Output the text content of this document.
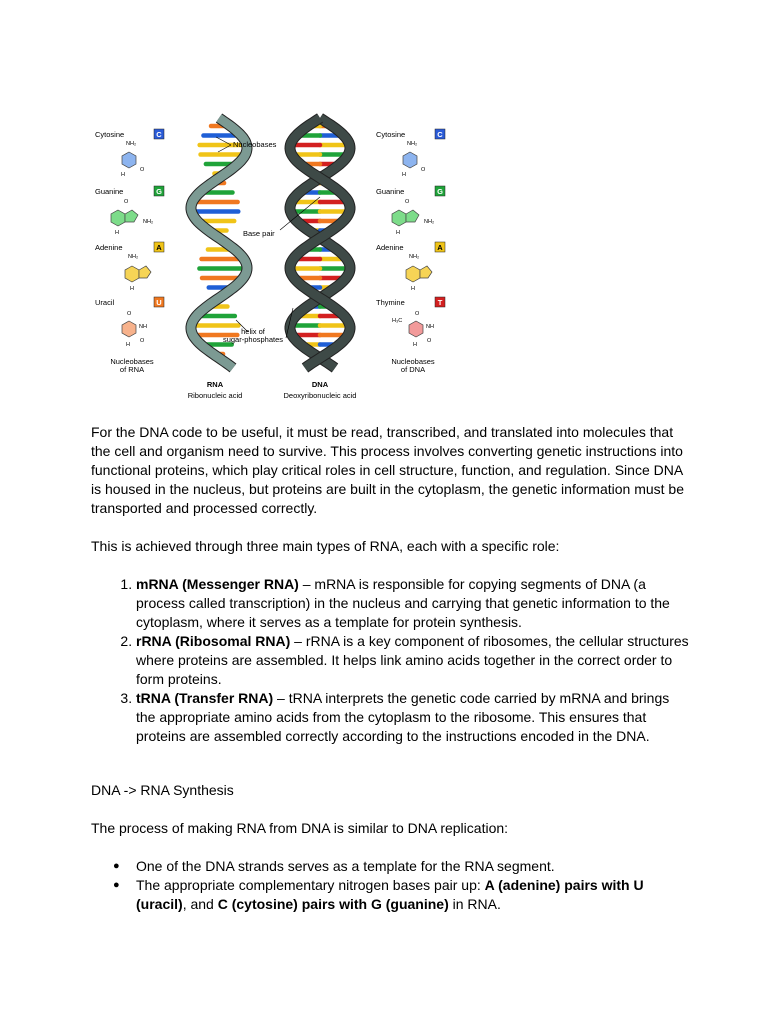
Cytosine	C
Guanine	G
Adenine	A
Uracil	U
NH₂
O
H
O
NH₂
H
NH₂
H
O
NH
O
H
Nucleobases
of RNA
Cytosine	C
Guanine	G
Adenine	A
Thymine	T
NH₂
O
H
O
NH₂
H
NH₂
H
H₃C
O
NH
O
H
Nucleobases
of DNA
Nucleobases
Base pair
helix of
sugar-phosphates
RNA
Ribonucleic acid
DNA
Deoxyribonucleic acid

For the DNA code to be useful, it must be read, transcribed, and translated into molecules that the cell and organism need to survive. This process involves converting genetic instructions into functional proteins, which play critical roles in cell structure, function, and regulation. Since DNA is housed in the nucleus, but proteins are built in the cytoplasm, the genetic information must be transported and processed correctly.

This is achieved through three main types of RNA, each with a specific role:

1. mRNA (Messenger RNA) – mRNA is responsible for copying segments of DNA (a process called transcription) in the nucleus and carrying that genetic information to the cytoplasm, where it serves as a template for protein synthesis.
2. rRNA (Ribosomal RNA) – rRNA is a key component of ribosomes, the cellular structures where proteins are assembled. It helps link amino acids together in the correct order to form proteins.
3. tRNA (Transfer RNA) – tRNA interprets the genetic code carried by mRNA and brings the appropriate amino acids from the cytoplasm to the ribosome. This ensures that proteins are assembled correctly according to the instructions encoded in the DNA.

DNA -> RNA Synthesis

The process of making RNA from DNA is similar to DNA replication:

● One of the DNA strands serves as a template for the RNA segment.
● The appropriate complementary nitrogen bases pair up: A (adenine) pairs with U (uracil), and C (cytosine) pairs with G (guanine) in RNA.
